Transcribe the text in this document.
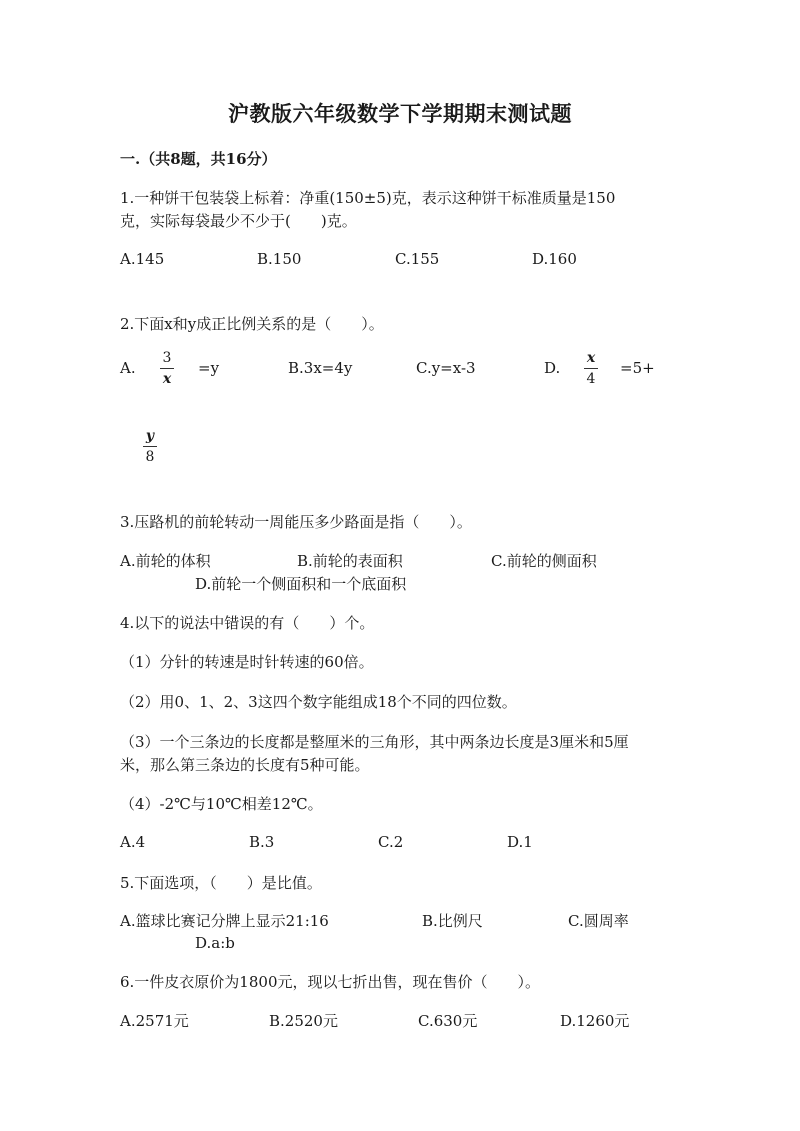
沪教版六年级数学下学期期末测试题
一.（共8题，共16分）
1.一种饼干包装袋上标着：净重(150±5)克，表示这种饼干标准质量是150
克，实际每袋最少不少于(　　)克。
A.145	B.150	C.155	D.160
2.下面x和y成正比例关系的是（　　）。
A.
3
x
=y	B.3x=4y	C.y=x-3	D.
x
4
=5+
y
8
3.压路机的前轮转动一周能压多少路面是指（　　）。
A.前轮的体积	B.前轮的表面积	C.前轮的侧面积
D.前轮一个侧面积和一个底面积
4.以下的说法中错误的有（　　）个。
（1）分针的转速是时针转速的60倍。
（2）用0、1、2、3这四个数字能组成18个不同的四位数。
（3）一个三条边的长度都是整厘米的三角形，其中两条边长度是3厘米和5厘
米，那么第三条边的长度有5种可能。
（4）-2℃与10℃相差12℃。
A.4	B.3	C.2	D.1
5.下面选项，（　　）是比值。
A.篮球比赛记分牌上显示21:16	B.比例尺	C.圆周率
D.a:b
6.一件皮衣原价为1800元，现以七折出售，现在售价（　　）。
A.2571元	B.2520元	C.630元	D.1260元
